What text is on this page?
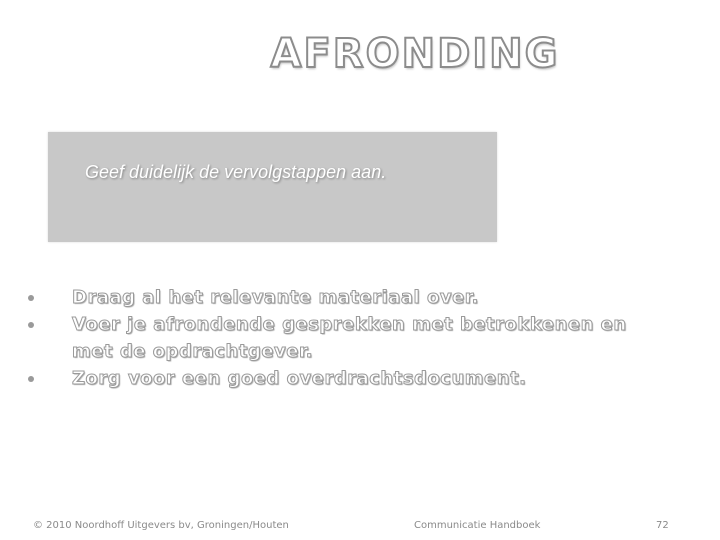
AFRONDING
Geef duidelijk de vervolgstappen aan.
Draag al het relevante materiaal over.
Voer je afrondende gesprekken met betrokkenen en met de opdrachtgever.
Zorg voor een goed overdrachtsdocument.
© 2010 Noordhoff Uitgevers bv, Groningen/Houten	Communicatie Handboek	72
